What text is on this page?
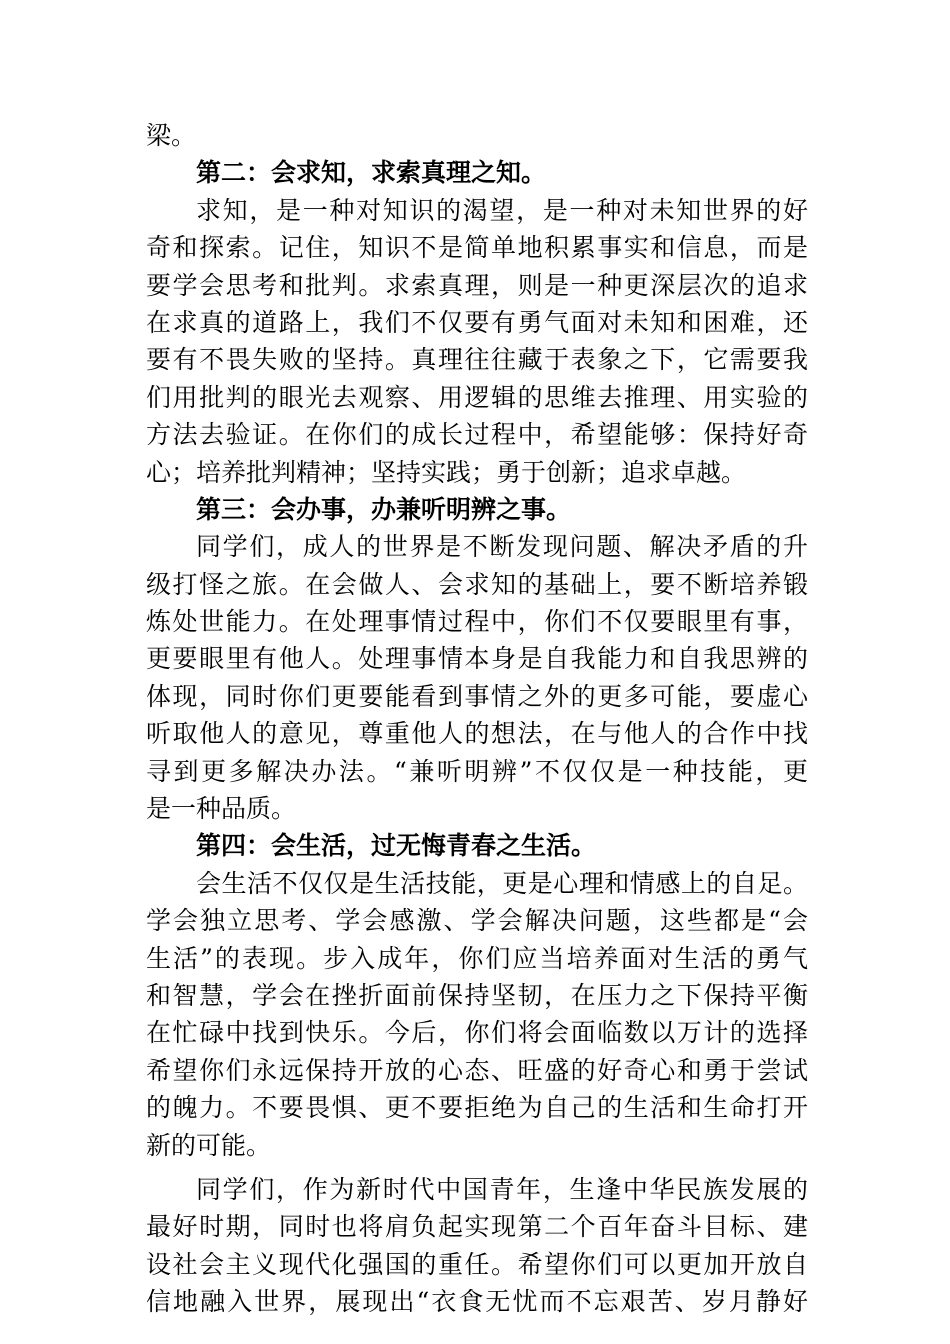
梁。
第二：会求知，求索真理之知。
求知，是一种对知识的渴望，是一种对未知世界的好
奇和探索。记住，知识不是简单地积累事实和信息，而是
要学会思考和批判。求索真理，则是一种更深层次的追求
在求真的道路上，我们不仅要有勇气面对未知和困难，还
要有不畏失败的坚持。真理往往藏于表象之下，它需要我
们用批判的眼光去观察、用逻辑的思维去推理、用实验的
方法去验证。在你们的成长过程中，希望能够：保持好奇
心；培养批判精神；坚持实践；勇于创新；追求卓越。
第三：会办事，办兼听明辨之事。
同学们，成人的世界是不断发现问题、解决矛盾的升
级打怪之旅。在会做人、会求知的基础上，要不断培养锻
炼处世能力。在处理事情过程中，你们不仅要眼里有事，
更要眼里有他人。处理事情本身是自我能力和自我思辨的
体现，同时你们更要能看到事情之外的更多可能，要虚心
听取他人的意见，尊重他人的想法，在与他人的合作中找
寻到更多解决办法。“兼听明辨”不仅仅是一种技能，更
是一种品质。
第四：会生活，过无悔青春之生活。
会生活不仅仅是生活技能，更是心理和情感上的自足。
学会独立思考、学会感激、学会解决问题，这些都是“会
生活”的表现。步入成年，你们应当培养面对生活的勇气
和智慧，学会在挫折面前保持坚韧，在压力之下保持平衡
在忙碌中找到快乐。今后，你们将会面临数以万计的选择
希望你们永远保持开放的心态、旺盛的好奇心和勇于尝试
的魄力。不要畏惧、更不要拒绝为自己的生活和生命打开
新的可能。
同学们，作为新时代中国青年，生逢中华民族发展的
最好时期，同时也将肩负起实现第二个百年奋斗目标、建
设社会主义现代化强国的重任。希望你们可以更加开放自
信地融入世界，展现出“衣食无忧而不忘艰苦、岁月静好
